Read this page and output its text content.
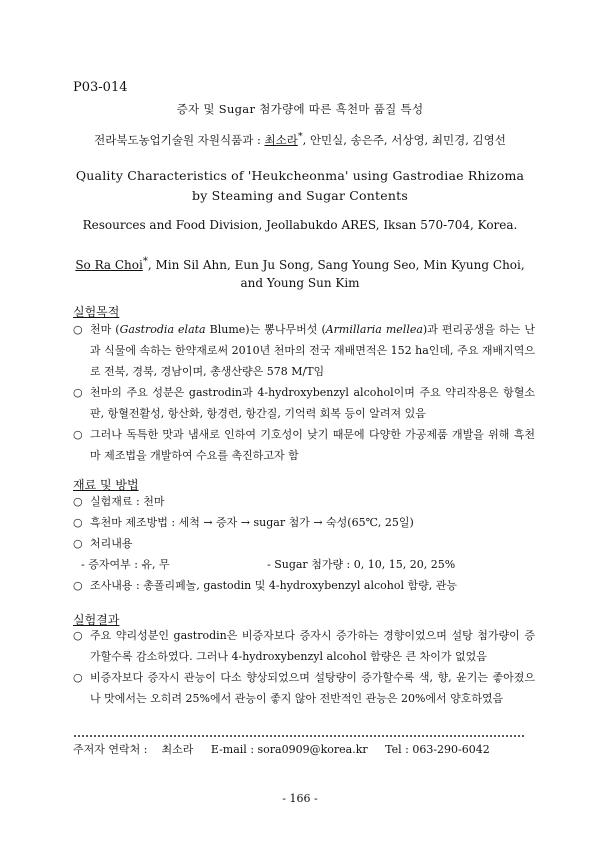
P03-014
증자 및 Sugar 첨가량에 따른 흑천마 품질 특성
전라북도농업기술원 자원식품과 : 최소라*, 안민실, 송은주, 서상영, 최민경, 김영선
Quality Characteristics of 'Heukcheonma' using Gastrodiae Rhizoma
by Steaming and Sugar Contents
Resources and Food Division, Jeollabukdo ARES, Iksan 570-704, Korea.
So Ra Choi*, Min Sil Ahn, Eun Ju Song, Sang Young Seo, Min Kyung Choi,
and Young Sun Kim
실험목적
○ 천마 (Gastrodia elata Blume)는 뽕나무버섯 (Armillaria mellea)과 편리공생을 하는 난과 식물에 속하는 한약재로써 2010년 천마의 전국 재배면적은 152 ha인데, 주요 재배지역으로 전북, 경북, 경남이며, 총생산량은 578 M/T임
○ 천마의 주요 성분은 gastrodin과 4-hydroxybenzyl alcohol이며 주요 약리작용은 항혈소판, 항혈전활성, 항산화, 항경련, 항간질, 기억력 회복 등이 알려져 있음
○ 그러나 독특한 맛과 냄새로 인하여 기호성이 낮기 때문에 다양한 가공제품 개발을 위해 흑천마 제조법을 개발하여 수요를 촉진하고자 함
재료 및 방법
○ 실험재료 : 천마
○ 흑천마 제조방법 : 세척 → 증자 → sugar 첨가 → 숙성(65℃, 25일)
○ 처리내용
- 증자여부 : 유, 무	- Sugar 첨가량 : 0, 10, 15, 20, 25%
○ 조사내용 : 총폴리페놀, gastodin 및 4-hydroxybenzyl alcohol 함량, 관능
실험결과
○ 주요 약리성분인 gastrodin은 비증자보다 증자시 증가하는 경향이었으며 설탕 첨가량이 증가할수록 감소하였다. 그러나 4-hydroxybenzyl alcohol 함량은 큰 차이가 없었음
○ 비증자보다 증자시 관능이 다소 향상되었으며 설탕량이 증가할수록 색, 향, 윤기는 좋아졌으나 맛에서는 오히려 25%에서 관능이 좋지 않아 전반적인 관능은 20%에서 양호하였음
주저자 연락처 : 최소라 E-mail : sora0909@korea.kr Tel : 063-290-6042
- 166 -
